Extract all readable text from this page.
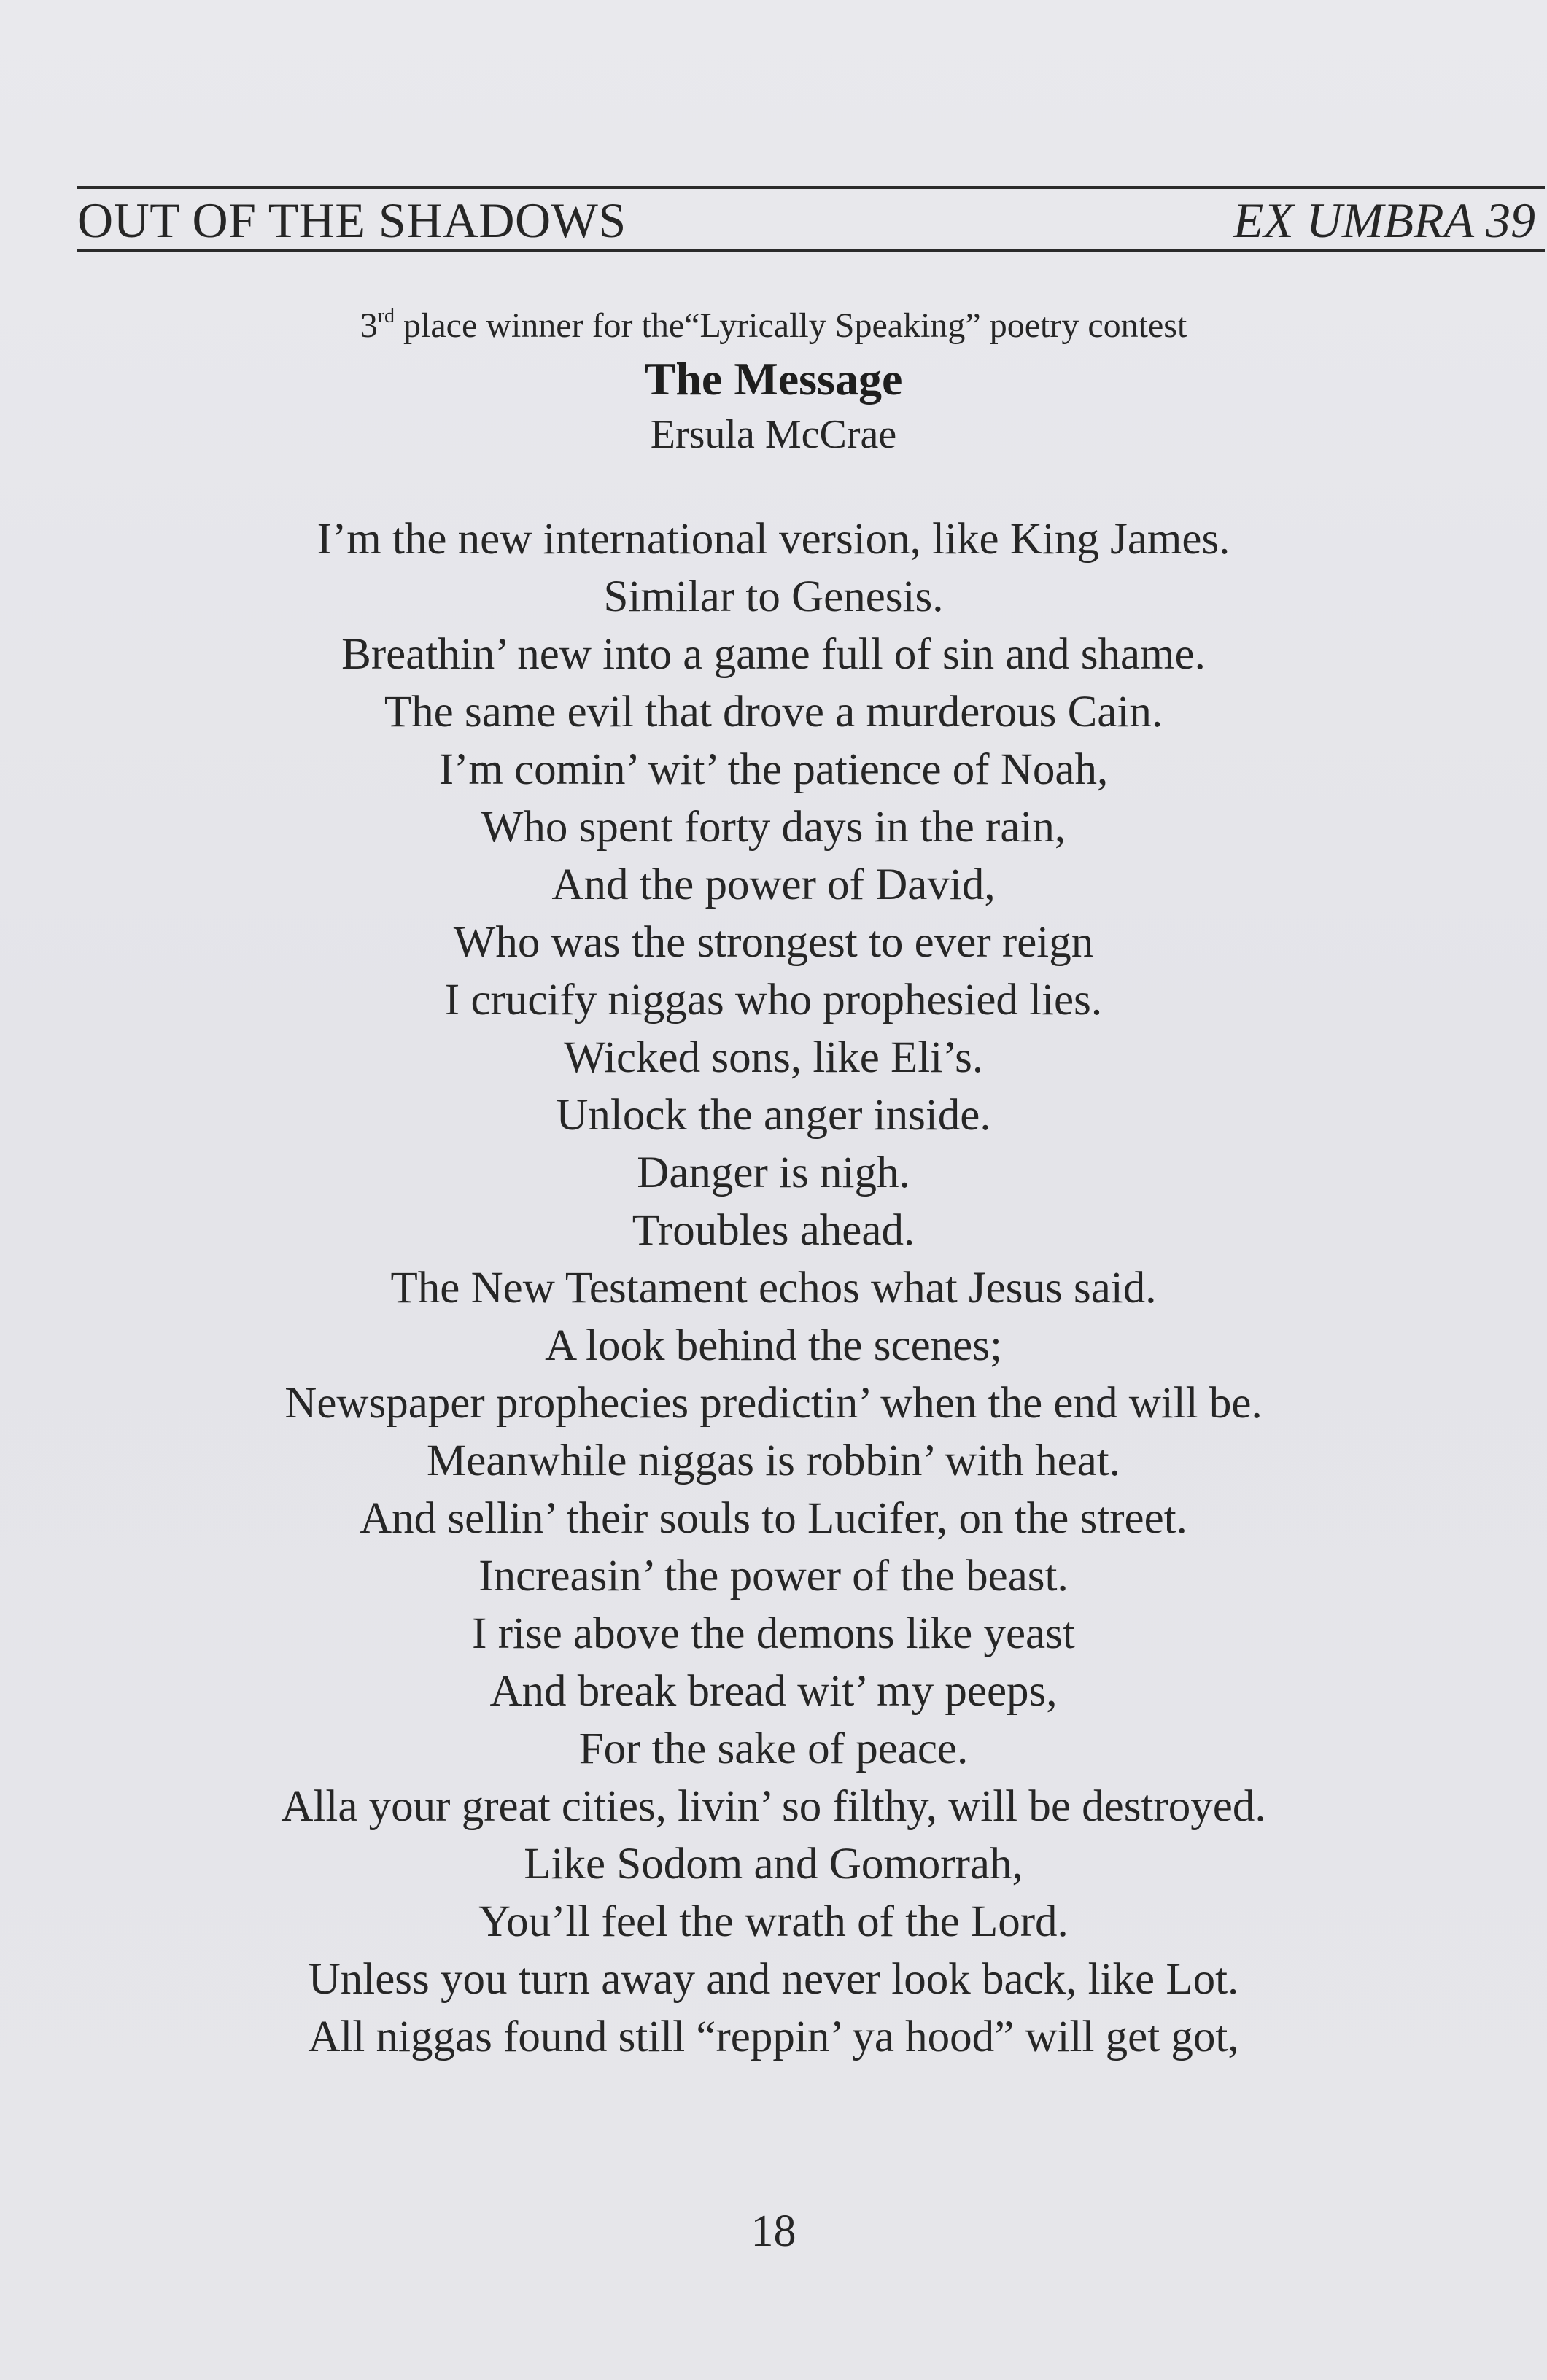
OUT OF THE SHADOWS	EX UMBRA 39
3rd place winner for the“Lyrically Speaking” poetry contest
The Message
Ersula McCrae
I’m the new international version, like King James.
Similar to Genesis.
Breathin’ new into a game full of sin and shame.
The same evil that drove a murderous Cain.
I’m comin’ wit’ the patience of Noah,
Who spent forty days in the rain,
And the power of David,
Who was the strongest to ever reign
I crucify niggas who prophesied lies.
Wicked sons, like Eli’s.
Unlock the anger inside.
Danger is nigh.
Troubles ahead.
The New Testament echos what Jesus said.
A look behind the scenes;
Newspaper prophecies predictin’ when the end will be.
Meanwhile niggas is robbin’ with heat.
And sellin’ their souls to Lucifer, on the street.
Increasin’ the power of the beast.
I rise above the demons like yeast
And break bread wit’ my peeps,
For the sake of peace.
Alla your great cities, livin’ so filthy, will be destroyed.
Like Sodom and Gomorrah,
You’ll feel the wrath of the Lord.
Unless you turn away and never look back, like Lot.
All niggas found still “reppin’ ya hood” will get got,
18
